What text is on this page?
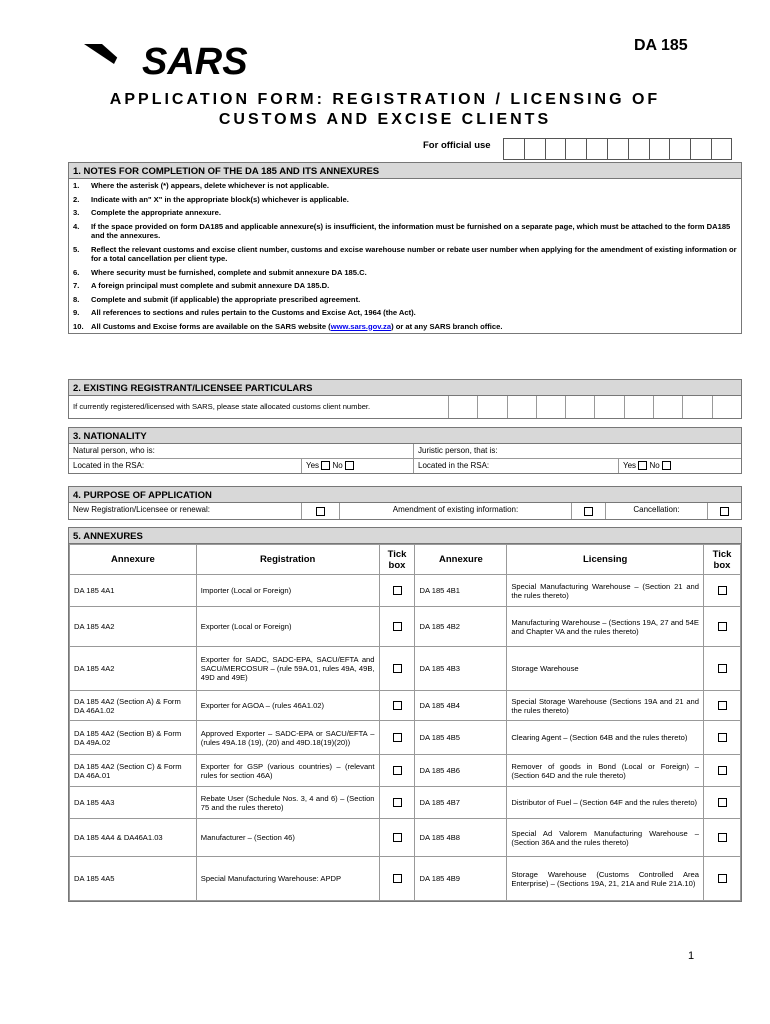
SARS	DA 185
APPLICATION FORM: REGISTRATION / LICENSING OF
CUSTOMS AND EXCISE CLIENTS
For official use
1. NOTES FOR COMPLETION OF THE DA 185 AND ITS ANNEXURES
1.	Where the asterisk (*) appears, delete whichever is not applicable.
2.	Indicate with an" X" in the appropriate block(s) whichever is applicable.
3.	Complete the appropriate annexure.
4.	If the space provided on form DA185 and applicable annexure(s) is insufficient, the information must be furnished on a separate page, which must be attached to the form DA185 and the annexures.
5.	Reflect the relevant customs and excise client number, customs and excise warehouse number or rebate user number when applying for the amendment of existing information or for a total cancellation per client type.
6.	Where security must be furnished, complete and submit annexure DA 185.C.
7.	A foreign principal must complete and submit annexure DA 185.D.
8.	Complete and submit (if applicable) the appropriate prescribed agreement.
9.	All references to sections and rules pertain to the Customs and Excise Act, 1964 (the Act).
10. All Customs and Excise forms are available on the SARS website (www.sars.gov.za) or at any SARS branch office.
2. EXISTING REGISTRANT/LICENSEE PARTICULARS
If currently registered/licensed with SARS, please state allocated customs client number.
3. NATIONALITY
Natural person, who is:	Juristic person, that is:
Located in the RSA:	Yes No	Located in the RSA:	Yes No
4. PURPOSE OF APPLICATION
New Registration/Licensee or renewal:	Amendment of existing information:	Cancellation:
5. ANNEXURES
Annexure	Registration	Tick box	Annexure	Licensing	Tick box
DA 185 4A1	Importer (Local or Foreign)		DA 185 4B1	Special Manufacturing Warehouse – (Section 21 and the rules thereto)	
DA 185 4A2	Exporter (Local or Foreign)		DA 185 4B2	Manufacturing Warehouse – (Sections 19A, 27 and 54E and Chapter VA and the rules thereto)	
DA 185 4A2	Exporter for SADC, SADC-EPA, SACU/EFTA and SACU/MERCOSUR – (rule 59A.01, rules 49A, 49B, 49D and 49E)		DA 185 4B3	Storage Warehouse	
DA 185 4A2 (Section A) & Form DA 46A1.02	Exporter for AGOA – (rules 46A1.02)		DA 185 4B4	Special Storage Warehouse (Sections 19A and 21 and the rules thereto)	
DA 185 4A2 (Section B) & Form DA 49A.02	Approved Exporter – SADC-EPA or SACU/EFTA – (rules 49A.18 (19), (20) and 49D.18(19)(20))		DA 185 4B5	Clearing Agent – (Section 64B and the rules thereto)	
DA 185 4A2 (Section C) & Form DA 46A.01	Exporter for GSP (various countries) – (relevant rules for section 46A)		DA 185 4B6	Remover of goods in Bond (Local or Foreign) – (Section 64D and the rule thereto)	
DA 185 4A3	Rebate User (Schedule Nos. 3, 4 and 6) – (Section 75 and the rules thereto)		DA 185 4B7	Distributor of Fuel – (Section 64F and the rules thereto)	
DA 185 4A4 & DA46A1.03	Manufacturer – (Section 46)		DA 185 4B8	Special Ad Valorem Manufacturing Warehouse – (Section 36A and the rules thereto)	
DA 185 4A5	Special Manufacturing Warehouse: APDP		DA 185 4B9	Storage Warehouse (Customs Controlled Area Enterprise) – (Sections 19A, 21, 21A and Rule 21A.10)	
1
